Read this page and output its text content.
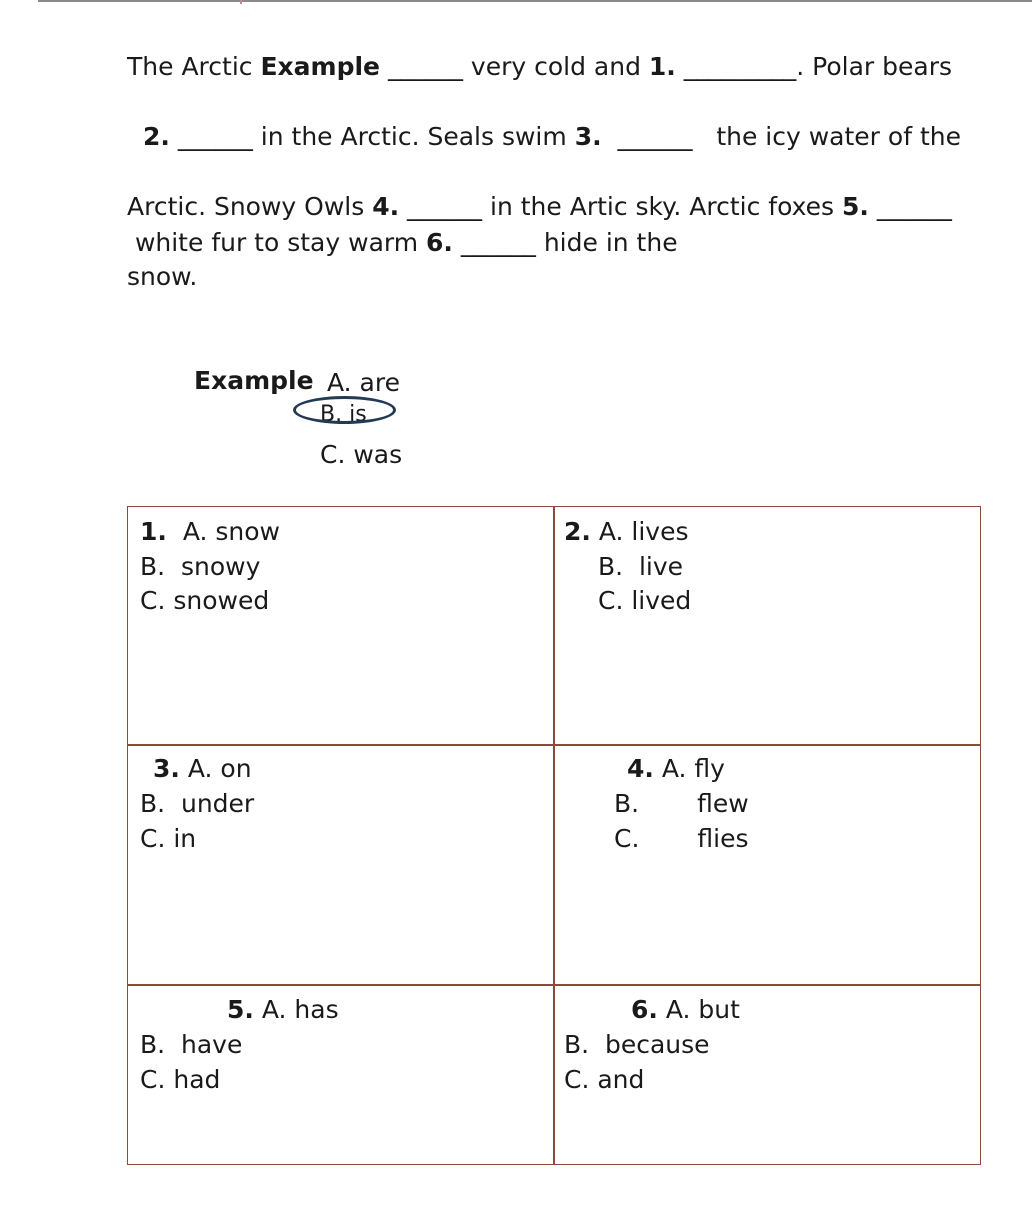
The Arctic Example ______ very cold and 1. _________. Polar bears
2. ______ in the Arctic. Seals swim 3.  ______   the icy water of the
Arctic. Snowy Owls 4. ______ in the Artic sky. Arctic foxes 5. ______
white fur to stay warm 6. ______ hide in the
snow.
Example A. are
B. is
C. was
1. A. snow
B.  snowy
C. snowed
2. A. lives
B.  live
C. lived
3. A. on
B.  under
C. in
4. A. fly
B. flew
C. flies
5. A. has
B.  have
C. had
6. A. but
B.  because
C. and
